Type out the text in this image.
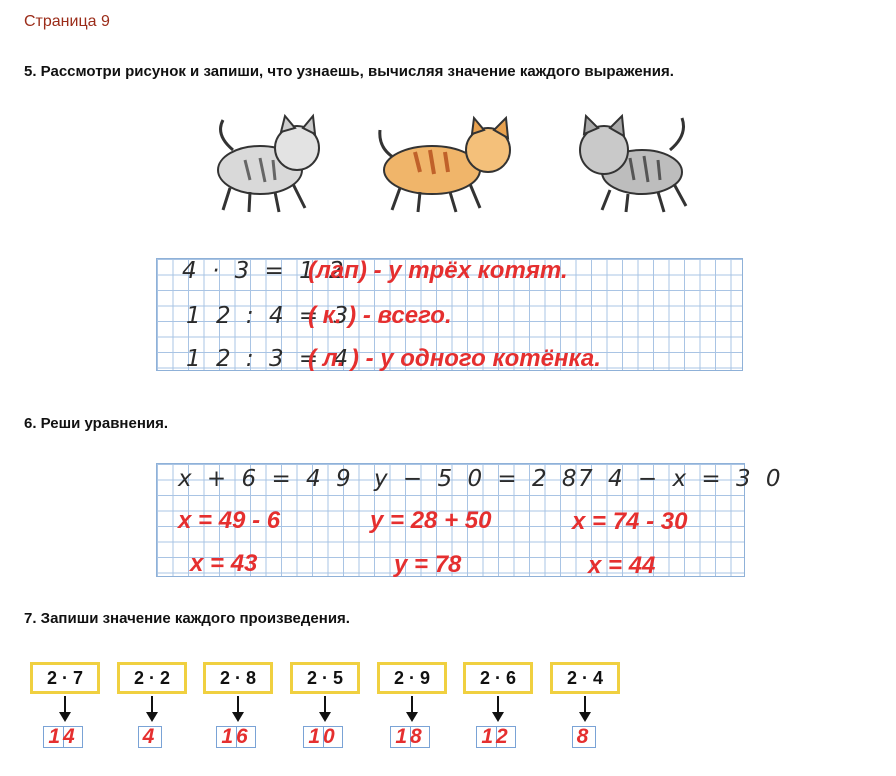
Страница 9
5. Рассмотри рисунок и запиши, что узнаешь, вычисляя значение каждого выражения.
4 · 3 = 1 2
(лап) - у трёх котят.
1 2 : 4 = 3
( к. ) - всего.
1 2 : 3 = 4
( л. ) - у одного котёнка.
6. Реши уравнения.
x + 6 = 4 9
x = 49 - 6
x = 43
y − 5 0 = 2 8
y = 28 + 50
y = 78
7 4 − x = 3 0
x = 74 - 30
x = 44
7. Запиши значение каждого произведения.
2 · 7	2 · 2	2 · 8	2 · 5	2 · 9	2 · 6	2 · 4
14	4	16	10	18	12	8
